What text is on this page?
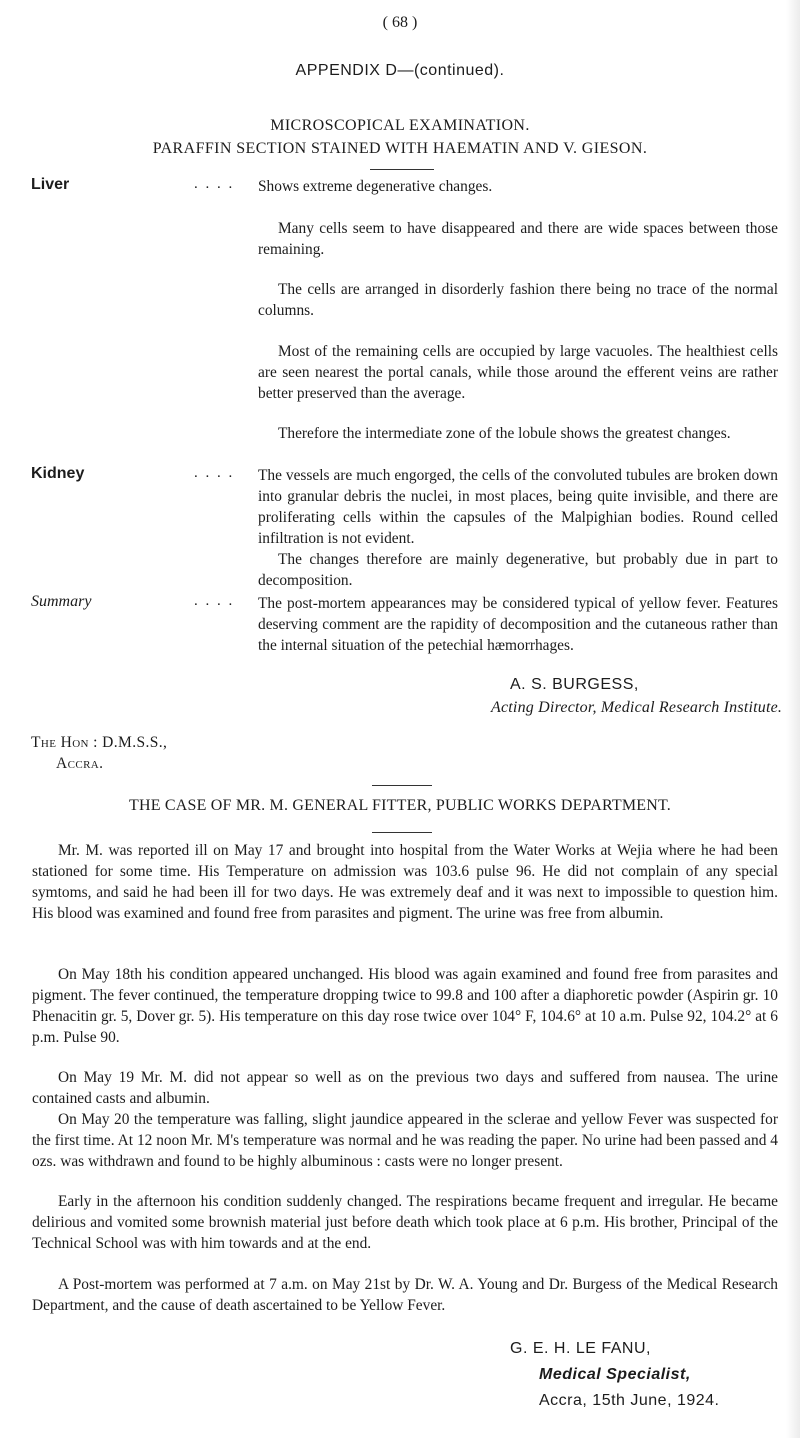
( 68 )
APPENDIX D—(continued).
MICROSCOPICAL EXAMINATION.
PARAFFIN SECTION STAINED WITH HAEMATIN AND V. GIESON.
Liver	. . . . Shows extreme degenerative changes.
Many cells seem to have disappeared and there are wide spaces between those remaining.
The cells are arranged in disorderly fashion there being no trace of the normal columns.
Most of the remaining cells are occupied by large vacuoles. The healthiest cells are seen nearest the portal canals, while those around the efferent veins are rather better preserved than the average.
Therefore the intermediate zone of the lobule shows the greatest changes.
Kidney	. . . . The vessels are much engorged, the cells of the convoluted tubules are broken down into granular debris the nuclei, in most places, being quite invisible, and there are proliferating cells within the capsules of the Malpighian bodies. Round celled infiltration is not evident.
The changes therefore are mainly degenerative, but probably due in part to decomposition.
Summary	. . . . The post-mortem appearances may be considered typical of yellow fever. Features deserving comment are the rapidity of decomposition and the cutaneous rather than the internal situation of the petechial hæmorrhages.
A. S. BURGESS,
Acting Director, Medical Research Institute.
The Hon : D.M.S.S.,
Accra.
THE CASE OF MR. M. GENERAL FITTER, PUBLIC WORKS DEPARTMENT.
Mr. M. was reported ill on May 17 and brought into hospital from the Water Works at Wejia where he had been stationed for some time. His Temperature on admission was 103.6 pulse 96. He did not complain of any special symtoms, and said he had been ill for two days. He was extremely deaf and it was next to impossible to question him. His blood was examined and found free from parasites and pigment. The urine was free from albumin.
On May 18th his condition appeared unchanged. His blood was again examined and found free from parasites and pigment. The fever continued, the temperature dropping twice to 99.8 and 100 after a diaphoretic powder (Aspirin gr. 10 Phenacitin gr. 5, Dover gr. 5). His temperature on this day rose twice over 104° F, 104.6° at 10 a.m. Pulse 92, 104.2° at 6 p.m. Pulse 90.
On May 19 Mr. M. did not appear so well as on the previous two days and suffered from nausea. The urine contained casts and albumin.
On May 20 the temperature was falling, slight jaundice appeared in the sclerae and yellow Fever was suspected for the first time. At 12 noon Mr. M's temperature was normal and he was reading the paper. No urine had been passed and 4 ozs. was withdrawn and found to be highly albuminous : casts were no longer present.
Early in the afternoon his condition suddenly changed. The respirations became frequent and irregular. He became delirious and vomited some brownish material just before death which took place at 6 p.m. His brother, Principal of the Technical School was with him towards and at the end.
A Post-mortem was performed at 7 a.m. on May 21st by Dr. W. A. Young and Dr. Burgess of the Medical Research Department, and the cause of death ascertained to be Yellow Fever.
G. E. H. LE FANU,
Medical Specialist,
Accra, 15th June, 1924.
